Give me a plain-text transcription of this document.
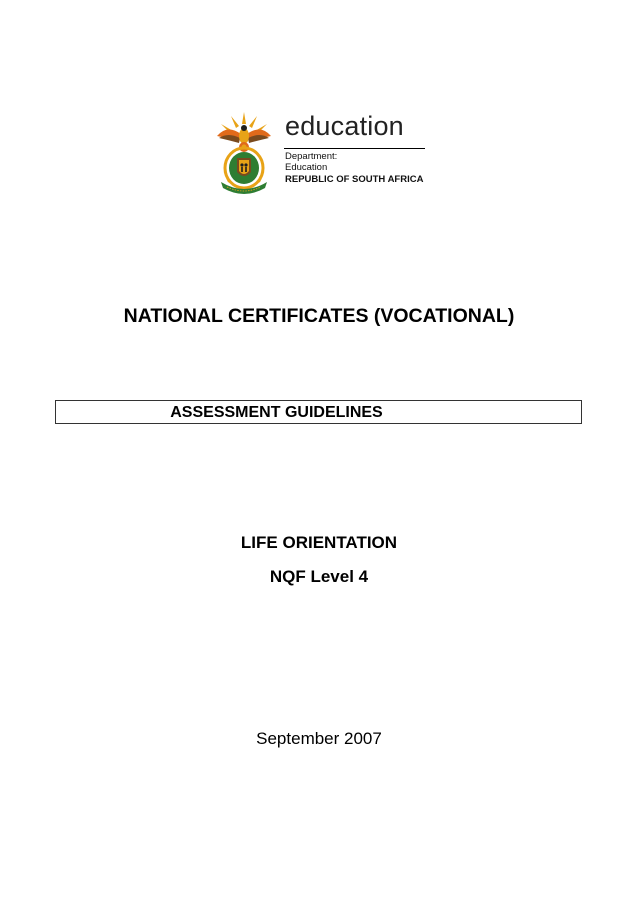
education
Department:
Education
REPUBLIC OF SOUTH AFRICA
NATIONAL CERTIFICATES (VOCATIONAL)
ASSESSMENT GUIDELINES
LIFE ORIENTATION
NQF Level 4
September 2007
